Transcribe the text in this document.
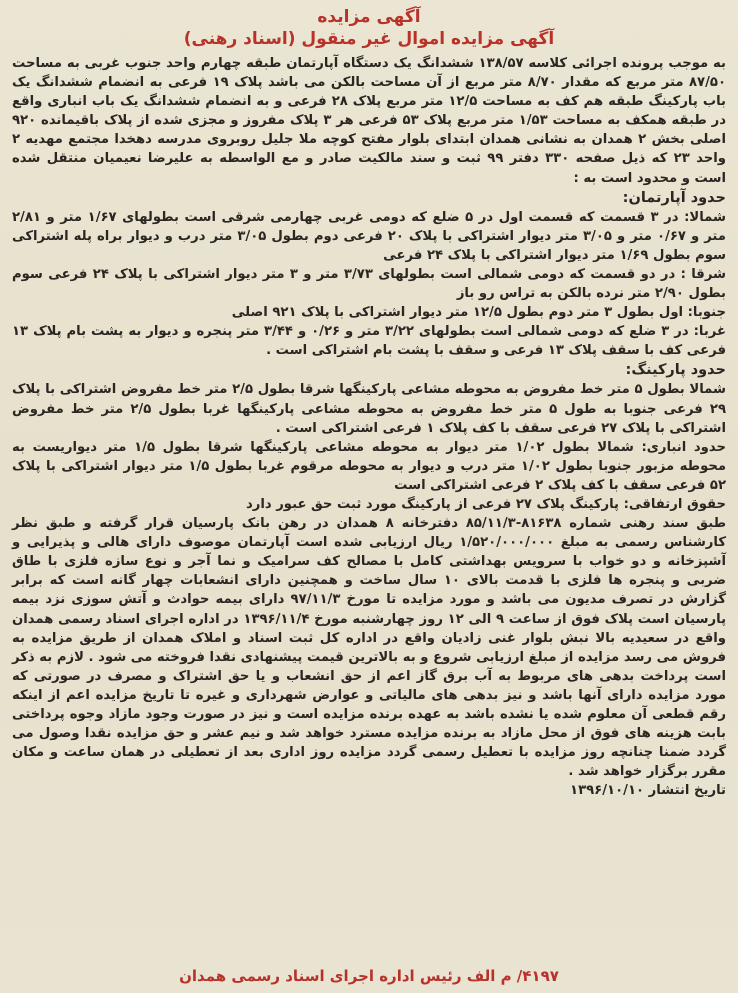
آگهی مزایده
آگهی مزایده اموال غیر منقول (اسناد رهنی)

به موجب پرونده اجرائی کلاسه ۱۳۸/۵۷ ششدانگ یک دستگاه آپارتمان طبقه چهارم واحد جنوب غربی به مساحت ۸۷/۵۰ متر مربع که مقدار ۸/۷۰ متر مربع از آن مساحت بالکن می باشد پلاک ۱۹ فرعی به انضمام ششدانگ یک باب پارکینگ طبقه هم کف به مساحت ۱۲/۵ متر مربع پلاک ۲۸ فرعی و به انضمام ششدانگ یک باب انباری واقع در طبقه همکف به مساحت ۱/۵۳ متر مربع پلاک ۵۳ فرعی هر ۳ پلاک مفروز و مجزی شده از پلاک باقیمانده ۹۲۰ اصلی بخش ۲ همدان به نشانی همدان ابتدای بلوار مفتح کوچه ملا جلیل روبروی مدرسه دهخدا مجتمع مهدیه ۲ واحد ۲۳ که ذیل صفحه ۳۳۰ دفتر ۹۹ ثبت و سند مالکیت صادر و مع الواسطه به علیرضا نعیمیان منتقل شده است و محدود است به :

حدود آپارتمان:

شمالا: در ۳ قسمت که قسمت اول در ۵ ضلع که دومی غربی چهارمی شرقی است بطولهای ۱/۶۷ متر و ۲/۸۱ متر و ۰/۶۷ متر و ۳/۰۵ متر دیوار اشتراکی با پلاک ۲۰ فرعی دوم بطول ۳/۰۵ متر درب و دیوار براه پله اشتراکی سوم بطول ۱/۶۹ متر دیوار اشتراکی با پلاک ۲۴ فرعی

شرقا : در دو قسمت که دومی شمالی است بطولهای ۳/۷۳ متر و ۳ متر دیوار اشتراکی با پلاک ۲۴ فرعی سوم بطول ۲/۹۰ متر نرده بالکن به تراس رو باز

جنوبا: اول بطول ۳ متر دوم بطول ۱۲/۵ متر دیوار اشتراکی با پلاک ۹۲۱ اصلی

غربا: در ۳ ضلع که دومی شمالی است بطولهای ۳/۲۲ متر و ۰/۲۶ و ۳/۴۴ متر پنجره و دیوار به پشت بام پلاک ۱۳ فرعی کف با سقف پلاک ۱۳ فرعی و سقف با پشت بام اشتراکی است .

حدود پارکینگ:

شمالا بطول ۵ متر خط مفروض به محوطه مشاعی پارکینگها شرقا بطول ۲/۵ متر خط مفروض اشتراکی با پلاک ۲۹ فرعی جنوبا به طول ۵ متر خط مفروض به محوطه مشاعی پارکینگها غربا بطول ۲/۵ متر خط مفروض اشتراکی با پلاک ۲۷ فرعی سقف با کف پلاک ۱ فرعی اشتراکی است .

حدود انباری: شمالا بطول ۱/۰۲ متر دیوار به محوطه مشاعی پارکینگها شرقا بطول ۱/۵ متر دیواریست به محوطه مزبور جنوبا بطول ۱/۰۲ متر درب و دیوار به محوطه مرقوم غربا بطول ۱/۵ متر دیوار اشتراکی با پلاک ۵۲ فرعی سقف با کف پلاک ۲ فرعی اشتراکی است

حقوق ارتفاقی: پارکینگ پلاک ۲۷ فرعی از پارکینگ مورد ثبت حق عبور دارد

طبق سند رهنی شماره ۸۱۶۳۸-۸۵/۱۱/۳ دفترخانه ۸ همدان در رهن بانک پارسیان قرار گرفته و طبق نظر کارشناس رسمی به مبلغ ۱/۵۲۰/۰۰۰/۰۰۰ ریال ارزیابی شده است آپارتمان موصوف دارای هالی و پذیرایی و آشپزخانه و دو خواب با سرویس بهداشتی کامل با مصالح کف سرامیک و نما آجر و نوع سازه فلزی با طاق ضربی و پنجره ها فلزی با قدمت بالای ۱۰ سال ساخت و همچنین دارای انشعابات چهار گانه است که برابر گزارش در تصرف مدیون می باشد و مورد مزایده تا مورخ ۹۷/۱۱/۳ دارای بیمه حوادث و آتش سوزی نزد بیمه پارسیان است پلاک فوق از ساعت ۹ الی ۱۲ روز چهارشنبه مورخ ۱۳۹۶/۱۱/۴ در اداره اجرای اسناد رسمی همدان واقع در سعیدیه بالا نبش بلوار غنی زادیان واقع در اداره کل ثبت اسناد و املاک همدان از طریق مزایده به فروش می رسد مزایده از مبلغ ارزیابی شروع و به بالاترین قیمت پیشنهادی نقدا فروخته می شود . لازم به ذکر است پرداخت بدهی های مربوط به آب برق گاز اعم از حق انشعاب و یا حق اشتراک و مصرف در صورتی که مورد مزایده دارای آنها باشد و نیز بدهی های مالیاتی و عوارض شهرداری و غیره تا تاریخ مزایده اعم از اینکه رقم قطعی آن معلوم شده یا نشده باشد به عهده برنده مزایده است و نیز در صورت وجود مازاد وجوه پرداختی بابت هزینه های فوق از محل مازاد به برنده مزایده مسترد خواهد شد و نیم عشر و حق مزایده نقدا وصول می گردد ضمنا چنانچه روز مزایده با تعطیل رسمی گردد مزایده روز اداری بعد از تعطیلی در همان ساعت و مکان مقرر برگزار خواهد شد .

تاریخ انتشار ۱۳۹۶/۱۰/۱۰
۴۱۹۷/ م الف رئیس اداره اجرای اسناد رسمی همدان
